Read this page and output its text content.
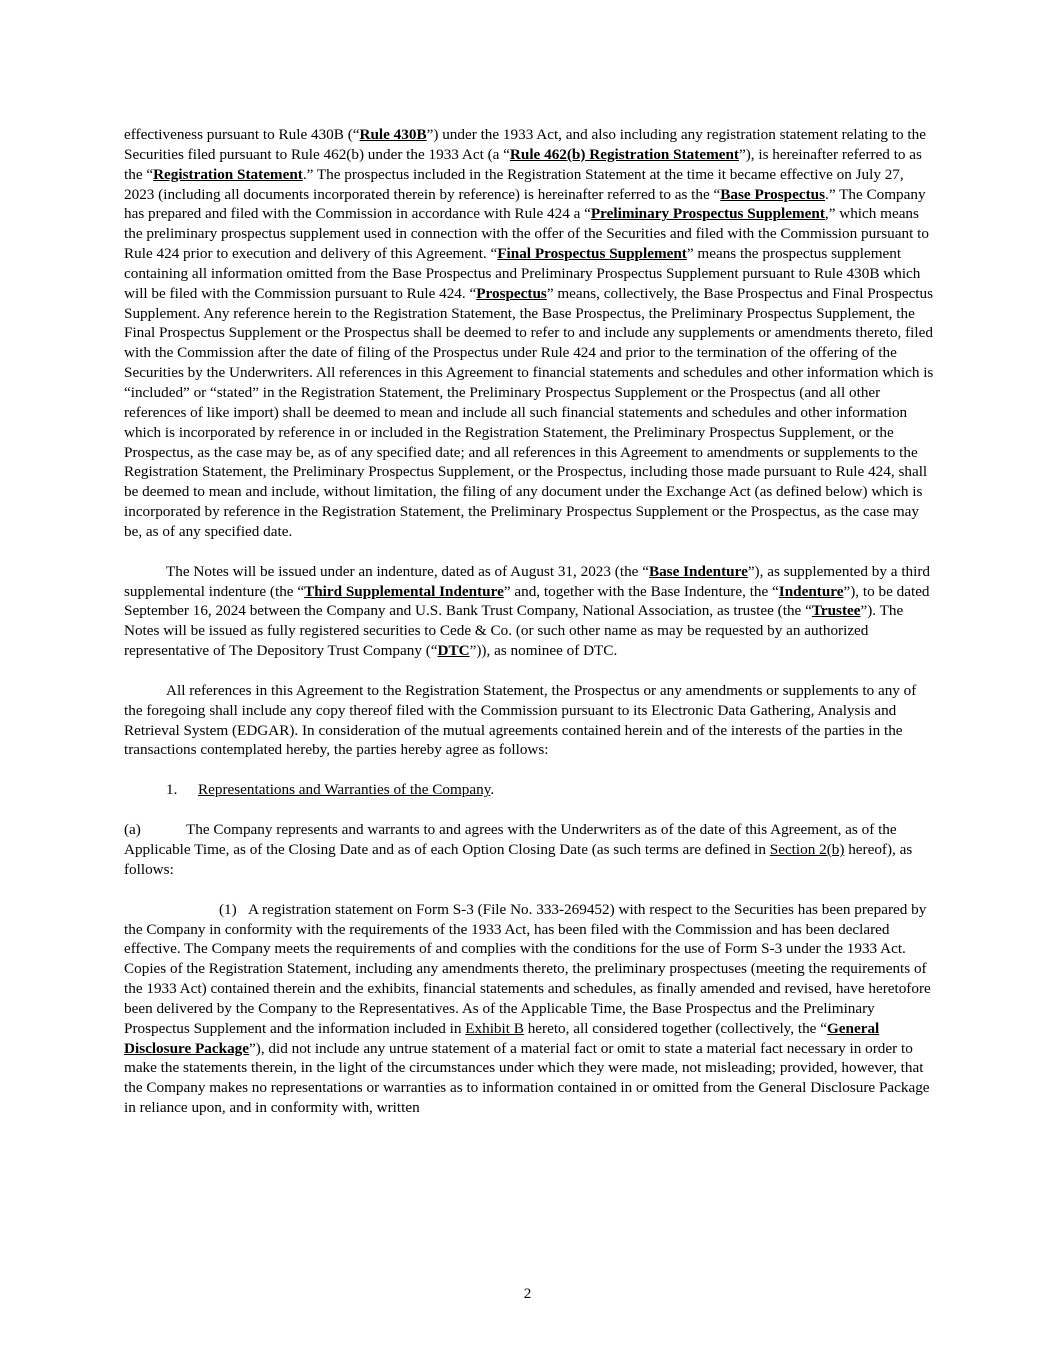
effectiveness pursuant to Rule 430B (“Rule 430B”) under the 1933 Act, and also including any registration statement relating to the Securities filed pursuant to Rule 462(b) under the 1933 Act (a “Rule 462(b) Registration Statement”), is hereinafter referred to as the “Registration Statement.” The prospectus included in the Registration Statement at the time it became effective on July 27, 2023 (including all documents incorporated therein by reference) is hereinafter referred to as the “Base Prospectus.” The Company has prepared and filed with the Commission in accordance with Rule 424 a “Preliminary Prospectus Supplement,” which means the preliminary prospectus supplement used in connection with the offer of the Securities and filed with the Commission pursuant to Rule 424 prior to execution and delivery of this Agreement. “Final Prospectus Supplement” means the prospectus supplement containing all information omitted from the Base Prospectus and Preliminary Prospectus Supplement pursuant to Rule 430B which will be filed with the Commission pursuant to Rule 424. “Prospectus” means, collectively, the Base Prospectus and Final Prospectus Supplement. Any reference herein to the Registration Statement, the Base Prospectus, the Preliminary Prospectus Supplement, the Final Prospectus Supplement or the Prospectus shall be deemed to refer to and include any supplements or amendments thereto, filed with the Commission after the date of filing of the Prospectus under Rule 424 and prior to the termination of the offering of the Securities by the Underwriters. All references in this Agreement to financial statements and schedules and other information which is “included” or “stated” in the Registration Statement, the Preliminary Prospectus Supplement or the Prospectus (and all other references of like import) shall be deemed to mean and include all such financial statements and schedules and other information which is incorporated by reference in or included in the Registration Statement, the Preliminary Prospectus Supplement, or the Prospectus, as the case may be, as of any specified date; and all references in this Agreement to amendments or supplements to the Registration Statement, the Preliminary Prospectus Supplement, or the Prospectus, including those made pursuant to Rule 424, shall be deemed to mean and include, without limitation, the filing of any document under the Exchange Act (as defined below) which is incorporated by reference in the Registration Statement, the Preliminary Prospectus Supplement or the Prospectus, as the case may be, as of any specified date.

The Notes will be issued under an indenture, dated as of August 31, 2023 (the “Base Indenture”), as supplemented by a third supplemental indenture (the “Third Supplemental Indenture” and, together with the Base Indenture, the “Indenture”), to be dated September 16, 2024 between the Company and U.S. Bank Trust Company, National Association, as trustee (the “Trustee”). The Notes will be issued as fully registered securities to Cede & Co. (or such other name as may be requested by an authorized representative of The Depository Trust Company (“DTC”)), as nominee of DTC.

All references in this Agreement to the Registration Statement, the Prospectus or any amendments or supplements to any of the foregoing shall include any copy thereof filed with the Commission pursuant to its Electronic Data Gathering, Analysis and Retrieval System (EDGAR). In consideration of the mutual agreements contained herein and of the interests of the parties in the transactions contemplated hereby, the parties hereby agree as follows:

1. Representations and Warranties of the Company.

(a)	The Company represents and warrants to and agrees with the Underwriters as of the date of this Agreement, as of the Applicable Time, as of the Closing Date and as of each Option Closing Date (as such terms are defined in Section 2(b) hereof), as follows:

(1) A registration statement on Form S-3 (File No. 333-269452) with respect to the Securities has been prepared by the Company in conformity with the requirements of the 1933 Act, has been filed with the Commission and has been declared effective. The Company meets the requirements of and complies with the conditions for the use of Form S-3 under the 1933 Act. Copies of the Registration Statement, including any amendments thereto, the preliminary prospectuses (meeting the requirements of the 1933 Act) contained therein and the exhibits, financial statements and schedules, as finally amended and revised, have heretofore been delivered by the Company to the Representatives. As of the Applicable Time, the Base Prospectus and the Preliminary Prospectus Supplement and the information included in Exhibit B hereto, all considered together (collectively, the “General Disclosure Package”), did not include any untrue statement of a material fact or omit to state a material fact necessary in order to make the statements therein, in the light of the circumstances under which they were made, not misleading; provided, however, that the Company makes no representations or warranties as to information contained in or omitted from the General Disclosure Package in reliance upon, and in conformity with, written

2
